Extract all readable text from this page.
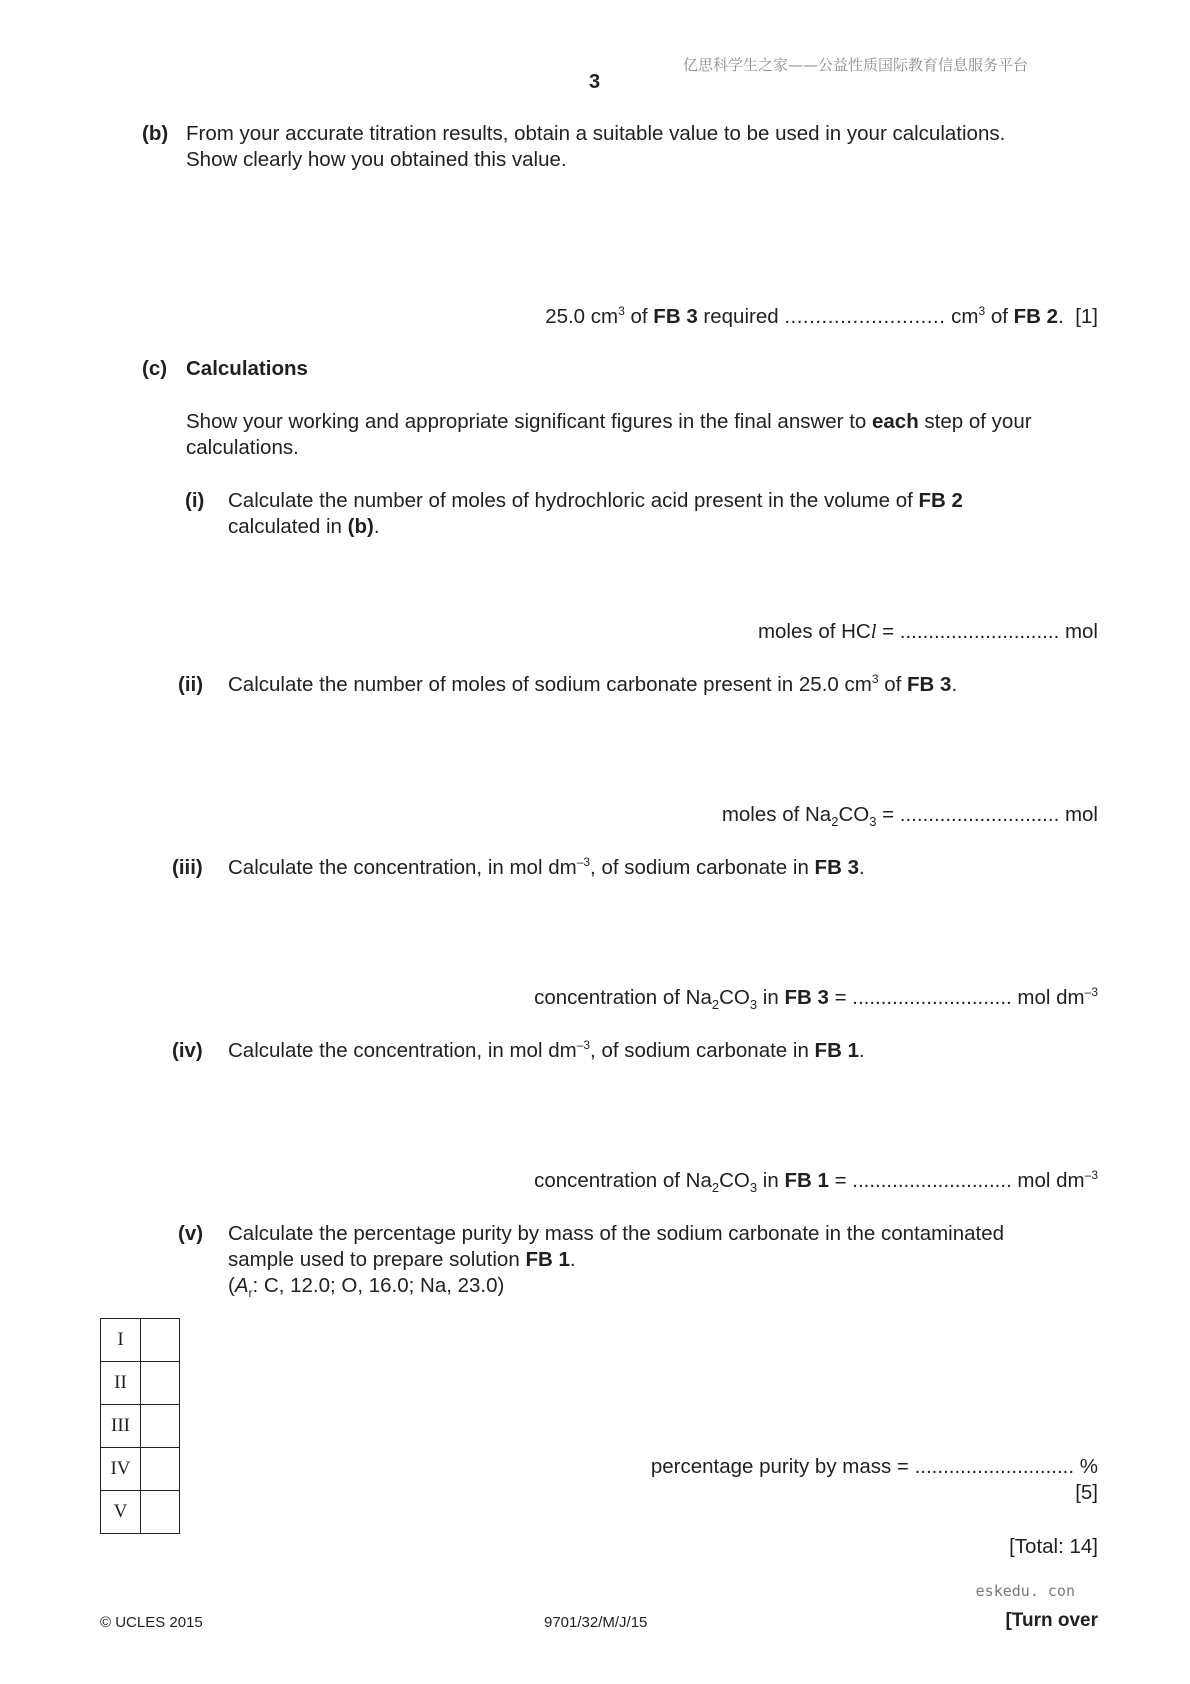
亿思科学生之家——公益性质国际教育信息服务平台
3
(b) From your accurate titration results, obtain a suitable value to be used in your calculations.
Show clearly how you obtained this value.
25.0 $cm^3$ of FB 3 required .......................... $cm^3$ of FB 2. [1]
(c) Calculations
Show your working and appropriate significant figures in the final answer to each step of your
calculations.
(i) Calculate the number of moles of hydrochloric acid present in the volume of FB 2
calculated in (b).
moles of HCl = ............................ mol
(ii) Calculate the number of moles of sodium carbonate present in 25.0 $cm^3$ of FB 3.
moles of $Na_2CO_3$ = ............................ mol
(iii) Calculate the concentration, in mol $dm^{-3}$, of sodium carbonate in FB 3.
concentration of $Na_2CO_3$ in FB 3 = ............................ mol $dm^{-3}$
(iv) Calculate the concentration, in mol $dm^{-3}$, of sodium carbonate in FB 1.
concentration of $Na_2CO_3$ in FB 1 = ............................ mol $dm^{-3}$
(v) Calculate the percentage purity by mass of the sodium carbonate in the contaminated
sample used to prepare solution FB 1.
($A_r$: C, 12.0; O, 16.0; Na, 23.0)
I	
II	
III	
IV	
V	
percentage purity by mass = ............................ %
[5]
[Total: 14]
eskedu. con
© UCLES 2015	9701/32/M/J/15	[Turn over
